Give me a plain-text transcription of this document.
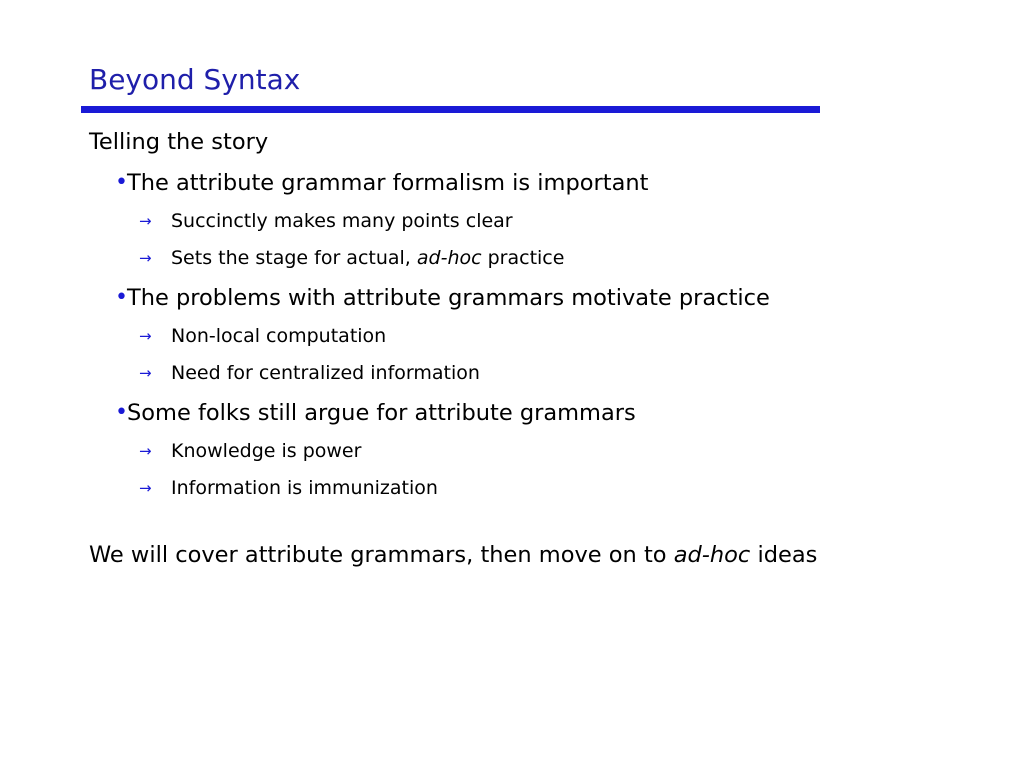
Beyond Syntax
Telling the story
• The attribute grammar formalism is important
→ Succinctly makes many points clear
→ Sets the stage for actual, ad-hoc practice
• The problems with attribute grammars motivate practice
→ Non-local computation
→ Need for centralized information
• Some folks still argue for attribute grammars
→ Knowledge is power
→ Information is immunization
We will cover attribute grammars, then move on to ad-hoc ideas
